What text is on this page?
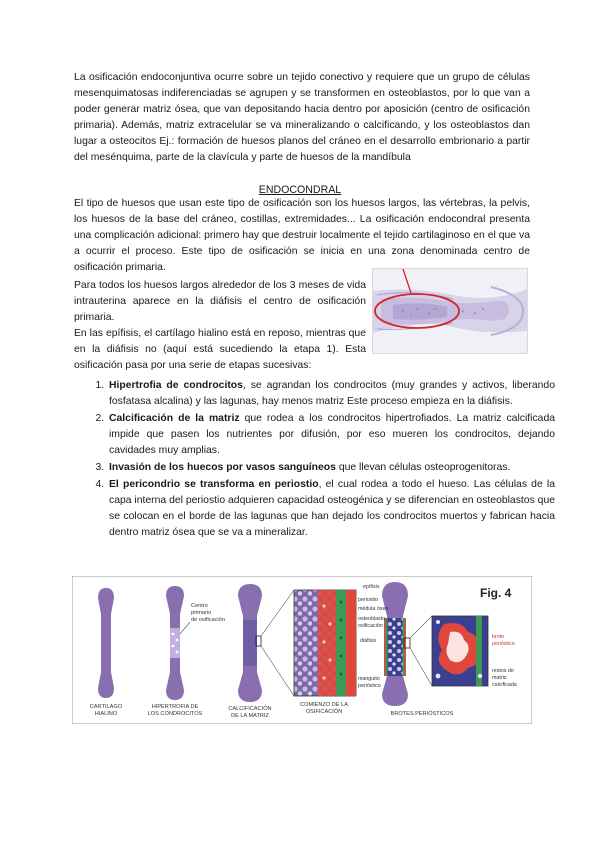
La osificación endoconjuntiva ocurre sobre un tejido conectivo y requiere que un grupo de células mesenquimatosas indiferenciadas se agrupen y se transformen en osteoblastos, por lo que van a poder generar matriz ósea, que van depositando hacia dentro por aposición (centro de osificación primaria). Además, matriz extracelular se va mineralizando o calcificando, y los osteoblastos dan lugar a osteocitos Ej.: formación de huesos planos del cráneo en el desarrollo embrionario a partir del mesénquima, parte de la clavícula y parte de huesos de la mandíbula

ENDOCONDRAL

El tipo de huesos que usan este tipo de osificación son los huesos largos, las vértebras, la pelvis, los huesos de la base del cráneo, costillas, extremidades... La osificación endocondral presenta una complicación adicional: primero hay que destruir localmente el tejido cartilaginoso en el que va a ocurrir el proceso. Este tipo de osificación se inicia en una zona denominada centro de osificación primaria.

Para todos los huesos largos alrededor de los 3 meses de vida intrauterina aparece en la diáfisis el centro de osificación primaria.

En las epífisis, el cartílago hialino está en reposo, mientras que en la diáfisis no (aquí está sucediendo la etapa 1). Esta osificación pasa por una serie de etapas sucesivas:

1. Hipertrofia de condrocitos, se agrandan los condrocitos (muy grandes y activos, liberando fosfatasa alcalina) y las lagunas, hay menos matriz Este proceso empieza en la diáfisis.
2. Calcificación de la matriz que rodea a los condrocitos hipertrofiados. La matriz calcificada impide que pasen los nutrientes por difusión, por eso mueren los condrocitos, dejando cavidades muy amplias.
3. Invasión de los huecos por vasos sanguíneos que llevan células osteoprogenitoras.
4. El pericondrio se transforma en periostio, el cual rodea a todo el hueso. Las células de la capa interna del periostio adquieren capacidad osteogénica y se diferencian en osteoblastos que se colocan en el borde de las lagunas que han dejado los condrocitos muertos y fabrican hacia dentro matriz ósea que se va a mineralizar.
Centro
primario
de osificación
epífisis
periostio
médula ósea
osteoblasto
osificación
diáfisis
manguito
perióstico
brote
perióstico
restos de
matriz
calcificada
Fig. 4
CARTILAGO
HIALINO
HIPERTROFIA DE
LOS CONDROCITOS
CALCIFICACIÓN
DE LA MATRIZ
COMIENZO DE LA
OSIFICACIÓN	BROTES PERIÓSTICOS
